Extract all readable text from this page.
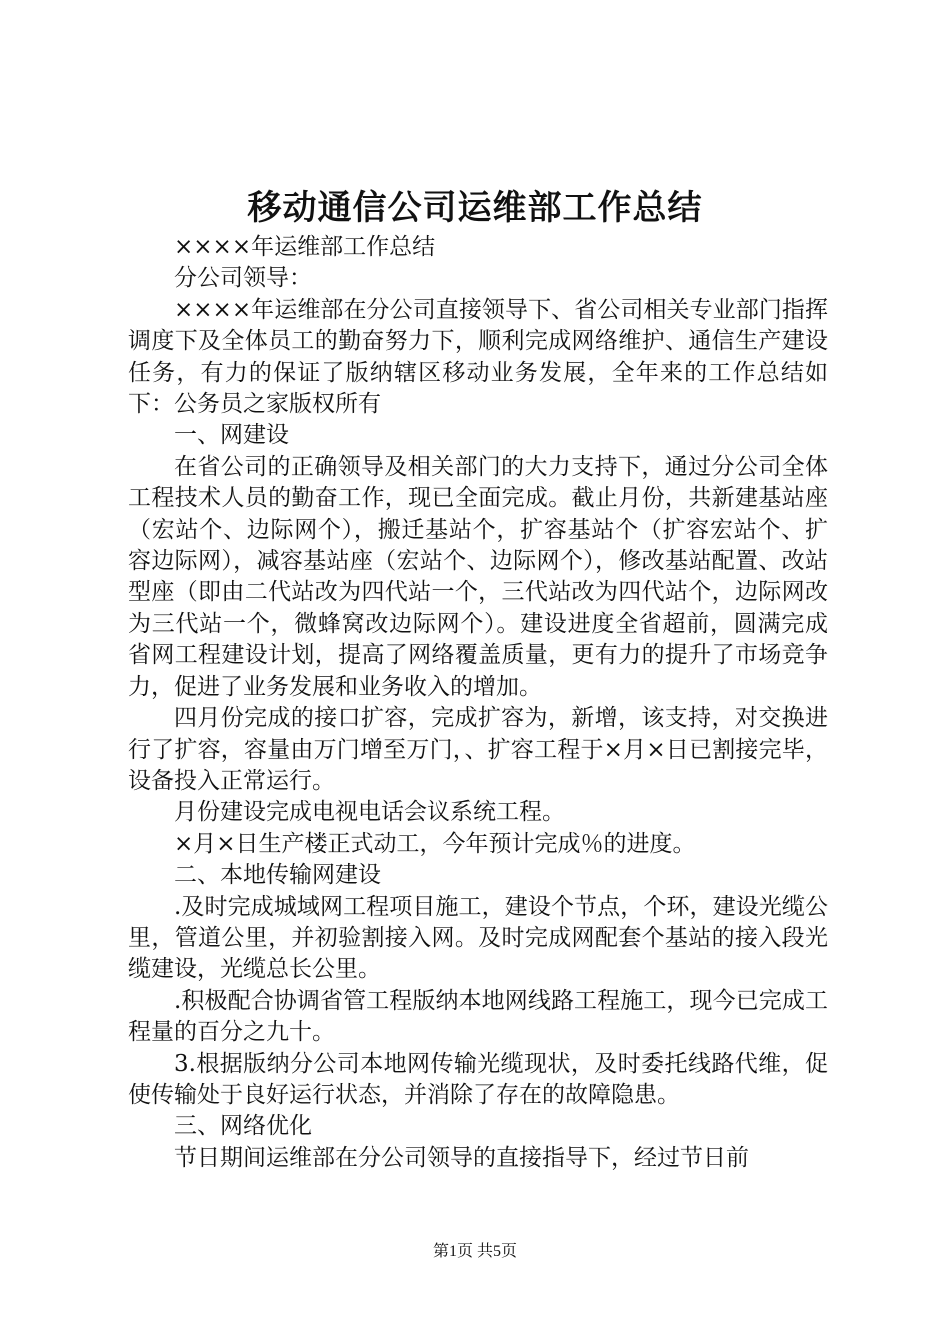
移动通信公司运维部工作总结

××××年运维部工作总结

分公司领导：

××××年运维部在分公司直接领导下、省公司相关专业部门指挥调度下及全体员工的勤奋努力下，顺利完成网络维护、通信生产建设任务，有力的保证了版纳辖区移动业务发展，全年来的工作总结如下：公务员之家版权所有

一、网建设

在省公司的正确领导及相关部门的大力支持下，通过分公司全体工程技术人员的勤奋工作，现已全面完成。截止月份，共新建基站座（宏站个、边际网个），搬迁基站个，扩容基站个（扩容宏站个、扩容边际网），减容基站座（宏站个、边际网个），修改基站配置、改站型座（即由二代站改为四代站一个，三代站改为四代站个，边际网改为三代站一个，微蜂窝改边际网个）。建设进度全省超前，圆满完成省网工程建设计划，提高了网络覆盖质量，更有力的提升了市场竞争力，促进了业务发展和业务收入的增加。

四月份完成的接口扩容，完成扩容为，新增，该支持，对交换进行了扩容，容量由万门增至万门，、扩容工程于×月×日已割接完毕，设备投入正常运行。

月份建设完成电视电话会议系统工程。

×月×日生产楼正式动工，今年预计完成％的进度。

二、本地传输网建设

.及时完成城域网工程项目施工，建设个节点，个环，建设光缆公里，管道公里，并初验割接入网。及时完成网配套个基站的接入段光缆建设，光缆总长公里。

.积极配合协调省管工程版纳本地网线路工程施工，现今已完成工程量的百分之九十。

3.根据版纳分公司本地网传输光缆现状，及时委托线路代维，促使传输处于良好运行状态，并消除了存在的故障隐患。

三、网络优化

节日期间运维部在分公司领导的直接指导下，经过节日前

第1页 共5页
